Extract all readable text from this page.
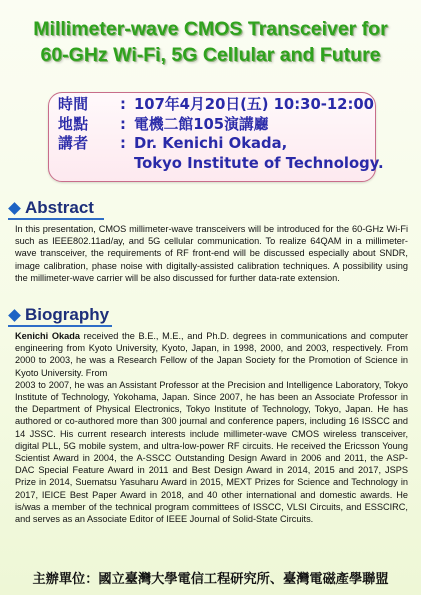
Millimeter-wave CMOS Transceiver for
60-GHz Wi-Fi, 5G Cellular and Future
時間	: 107年4月20日(五) 10:30-12:00
地點	: 電機二館105演講廳
講者	: Dr. Kenichi Okada,
Tokyo Institute of Technology.
Abstract
In this presentation, CMOS millimeter-wave transceivers will be introduced for the 60-GHz Wi-Fi such as IEEE802.11ad/ay, and 5G cellular communication. To realize 64QAM in a millimeter-wave transceiver, the requirements of RF front-end will be discussed especially about SNDR, image calibration, phase noise with digitally-assisted calibration techniques. A possibility using the millimeter-wave carrier will be also discussed for further data-rate extension.
Biography
Kenichi Okada received the B.E., M.E., and Ph.D. degrees in communications and computer engineering from Kyoto University, Kyoto, Japan, in 1998, 2000, and 2003, respectively. From 2000 to 2003, he was a Research Fellow of the Japan Society for the Promotion of Science in Kyoto University. From
2003 to 2007, he was an Assistant Professor at the Precision and Intelligence Laboratory, Tokyo Institute of Technology, Yokohama, Japan. Since 2007, he has been an Associate Professor in the Department of Physical Electronics, Tokyo Institute of Technology, Tokyo, Japan. He has authored or co-authored more than 300 journal and conference papers, including 16 ISSCC and 14 JSSC. His current research interests include millimeter-wave CMOS wireless transceiver, digital PLL, 5G mobile system, and ultra-low-power RF circuits. He received the Ericsson Young Scientist Award in 2004, the A-SSCC Outstanding Design Award in 2006 and 2011, the ASP-DAC Special Feature Award in 2011 and Best Design Award in 2014, 2015 and 2017, JSPS Prize in 2014, Suematsu Yasuharu Award in 2015, MEXT Prizes for Science and Technology in 2017, IEICE Best Paper Award in 2018, and 40 other international and domestic awards. He is/was a member of the technical program committees of ISSCC, VLSI Circuits, and ESSCIRC, and serves as an Associate Editor of IEEE Journal of Solid-State Circuits.
主辦單位：國立臺灣大學電信工程研究所、臺灣電磁產學聯盟
